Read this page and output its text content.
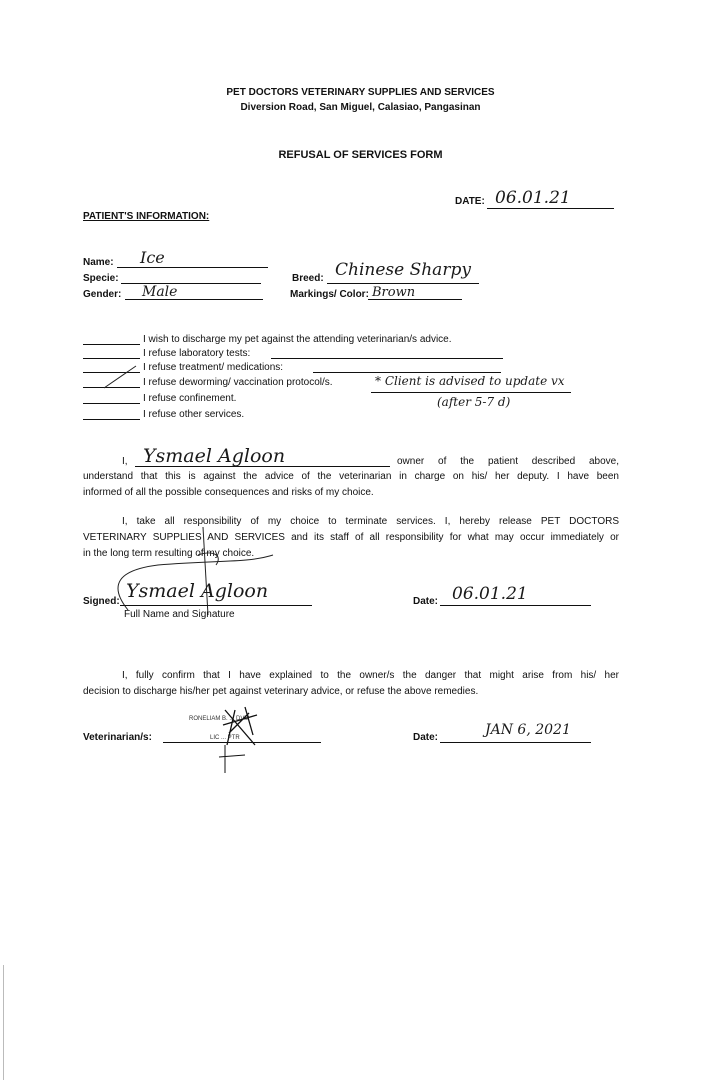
PET DOCTORS VETERINARY SUPPLIES AND SERVICES
Diversion Road, San Miguel, Calasiao, Pangasinan
REFUSAL OF SERVICES FORM
DATE: 06.01.21
PATIENT'S INFORMATION:
Name: Ice
Specie:
Gender: Male
Breed: Chinese Sharpy
Markings/ Color: Brown
I wish to discharge my pet against the attending veterinarian/s advice.
I refuse laboratory tests:
I refuse treatment/ medications:
I refuse deworming/ vaccination protocol/s.
I refuse confinement.
I refuse other services.
* Client is advised to update vx
(after 5-7 d)
I, Ysmael Agloon	owner of the patient described above,
understand that this is against the advice of the veterinarian in charge on his/ her deputy. I have been
informed of all the possible consequences and risks of my choice.
I, take all responsibility of my choice to terminate services. I, hereby release PET DOCTORS
VETERINARY SUPPLIES AND SERVICES and its staff of all responsibility for what may occur immediately or
in the long term resulting of my choice.
Signed: Ysmael Agloon
Full Name and Signature
Date: 06.01.21
I, fully confirm that I have explained to the owner/s the danger that might arise from his/ her
decision to discharge his/her pet against veterinary advice, or refuse the above remedies.
Veterinarian/s:
RONELIAM B. ... DVM
LIC ... PTR	Date:	JAN 6, 2021
